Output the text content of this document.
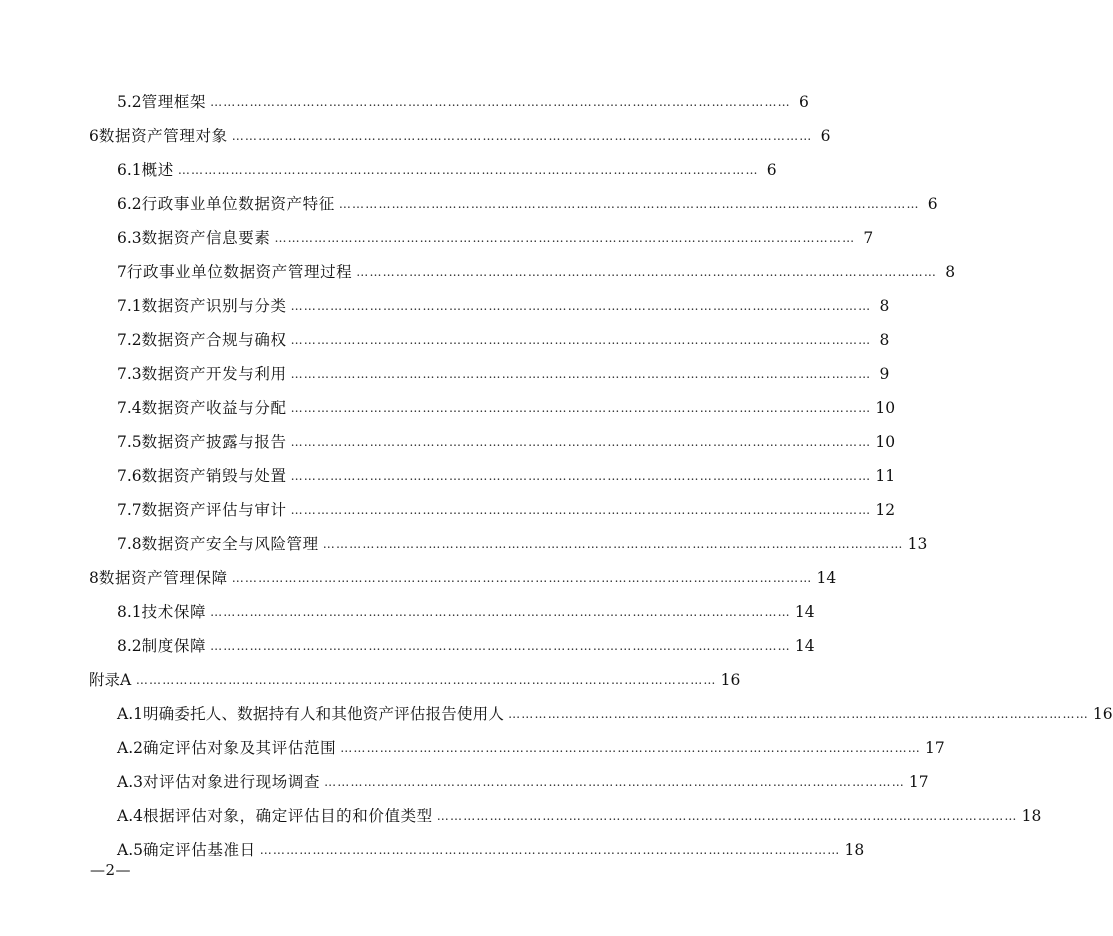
5.2 管理框架 …………………………………………………………………………………………………………………… 6
6 数据资产管理对象 …………………………………………………………………………………………………………………… 6
6.1 概述 …………………………………………………………………………………………………………………… 6
6.2 行政事业单位数据资产特征 …………………………………………………………………………………………………………………… 6
6.3 数据资产信息要素 …………………………………………………………………………………………………………………… 7
7 行政事业单位数据资产管理过程 …………………………………………………………………………………………………………………… 8
7.1 数据资产识别与分类 …………………………………………………………………………………………………………………… 8
7.2 数据资产合规与确权 …………………………………………………………………………………………………………………… 8
7.3 数据资产开发与利用 …………………………………………………………………………………………………………………… 9
7.4 数据资产收益与分配 …………………………………………………………………………………………………………………… 10
7.5 数据资产披露与报告 …………………………………………………………………………………………………………………… 10
7.6 数据资产销毁与处置 …………………………………………………………………………………………………………………… 11
7.7 数据资产评估与审计 …………………………………………………………………………………………………………………… 12
7.8 数据资产安全与风险管理 …………………………………………………………………………………………………………………… 13
8 数据资产管理保障 …………………………………………………………………………………………………………………… 14
8.1 技术保障 …………………………………………………………………………………………………………………… 14
8.2 制度保障 …………………………………………………………………………………………………………………… 14
附录 A …………………………………………………………………………………………………………………… 16
A.1 明确委托人、数据持有人和其他资产评估报告使用人 …………………………………………………………………………………………………………………… 16
A.2 确定评估对象及其评估范围 …………………………………………………………………………………………………………………… 17
A.3 对评估对象进行现场调查 …………………………………………………………………………………………………………………… 17
A.4 根据评估对象，确定评估目的和价值类型 …………………………………………………………………………………………………………………… 18
A.5 确定评估基准日 …………………………………………………………………………………………………………………… 18
—2—
